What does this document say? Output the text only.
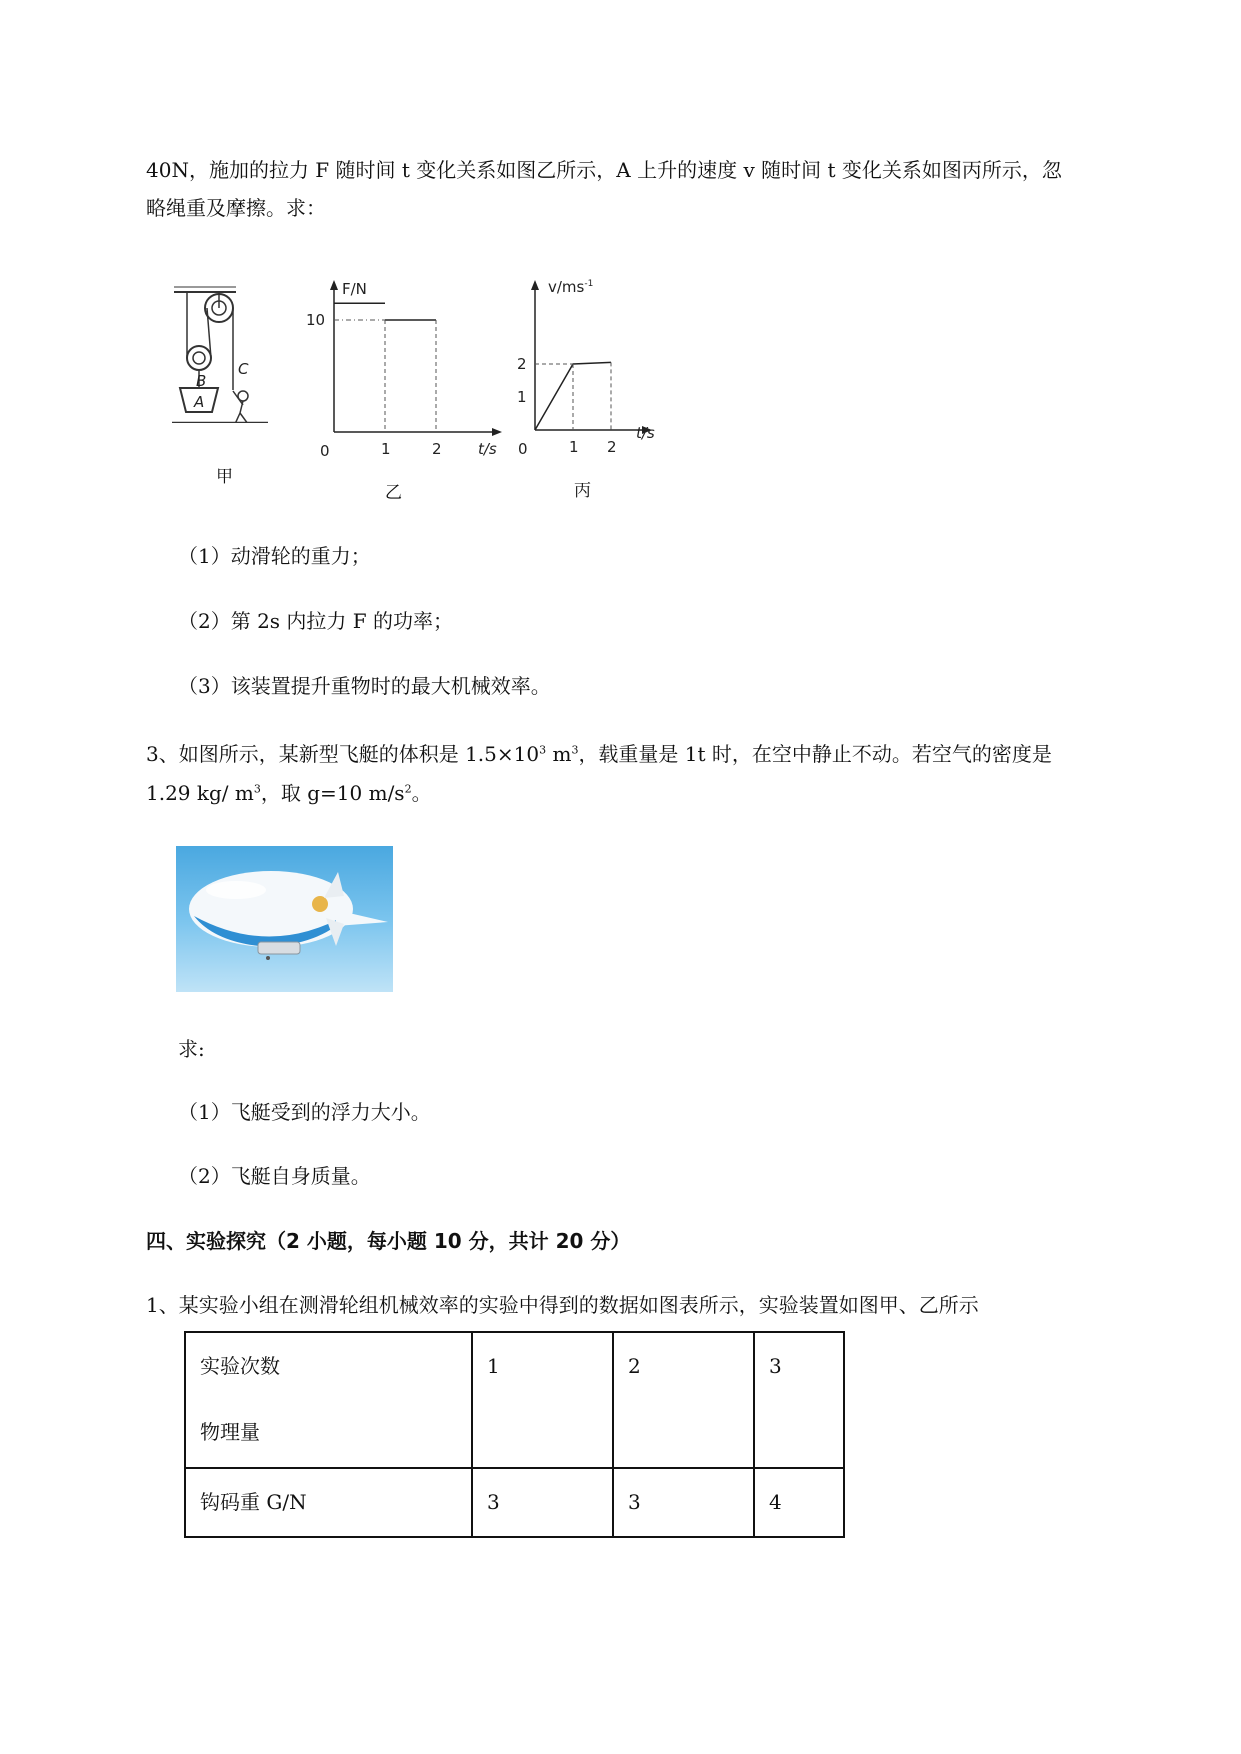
40N，施加的拉力 F 随时间 t 变化关系如图乙所示，A 上升的速度 v 随时间 t 变化关系如图丙所示，忽
略绳重及摩擦。求：
B
C
A
甲
F/N
t/s
0	1	2
10
乙
$v/ms^{-1}$
t/s
0	1 2
1
2
丙
（1）动滑轮的重力；
（2）第 2s 内拉力 F 的功率；
（3）该装置提升重物时的最大机械效率。
3、如图所示，某新型飞艇的体积是 $1.5\times 10^3$ $m^3$，载重量是 1t 时，在空中静止不动。若空气的密度是
1.29 kg/ $m^3$，取 g=10 $m/s^2$。
求:
（1）飞艇受到的浮力大小。
（2）飞艇自身质量。
四、实验探究（2 小题，每小题 10 分，共计 20 分）
1、某实验小组在测滑轮组机械效率的实验中得到的数据如图表所示，实验装置如图甲、乙所示
实验次数
物理量	1	2	3

钩码重 G/N	3	3	4
